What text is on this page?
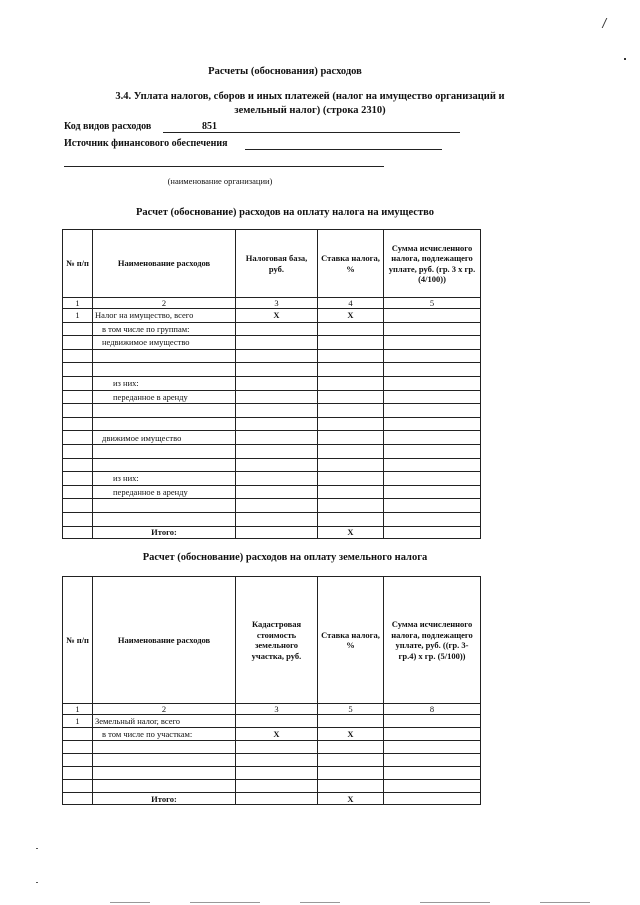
Расчеты (обоснования) расходов
3.4. Уплата налогов, сборов и иных платежей (налог на имущество организаций и
земельный налог) (строка 2310)
Код видов расходов	851
Источник финансового обеспечения
(наименование организации)
Расчет (обоснование) расходов на оплату налога на имущество
№ п/п	Наименование расходов	Налоговая база, руб.	Ставка налога, %	Сумма исчисленного налога, подлежащего уплате, руб. (гр. 3 х гр. (4/100))
1	2	3	4	5
1	Налог на имущество, всего	X	X	
	в том числе по группам:			
	недвижимое имущество			

	из них:			
	переданное в аренду			

	движимое имущество			

	из них:			
	переданное в аренду			

	Итого:		X	
Расчет (обоснование) расходов на оплату земельного налога
№ п/п	Наименование расходов	Кадастровая стоимость земельного участка, руб.	Ставка налога, %	Сумма исчисленного налога, подлежащего уплате, руб. ((гр. 3- гр.4) х гр. (5/100))
1	2	3	5	8
1	Земельный налог, всего			
	в том числе по участкам:	X	X	

	Итого:		X	
